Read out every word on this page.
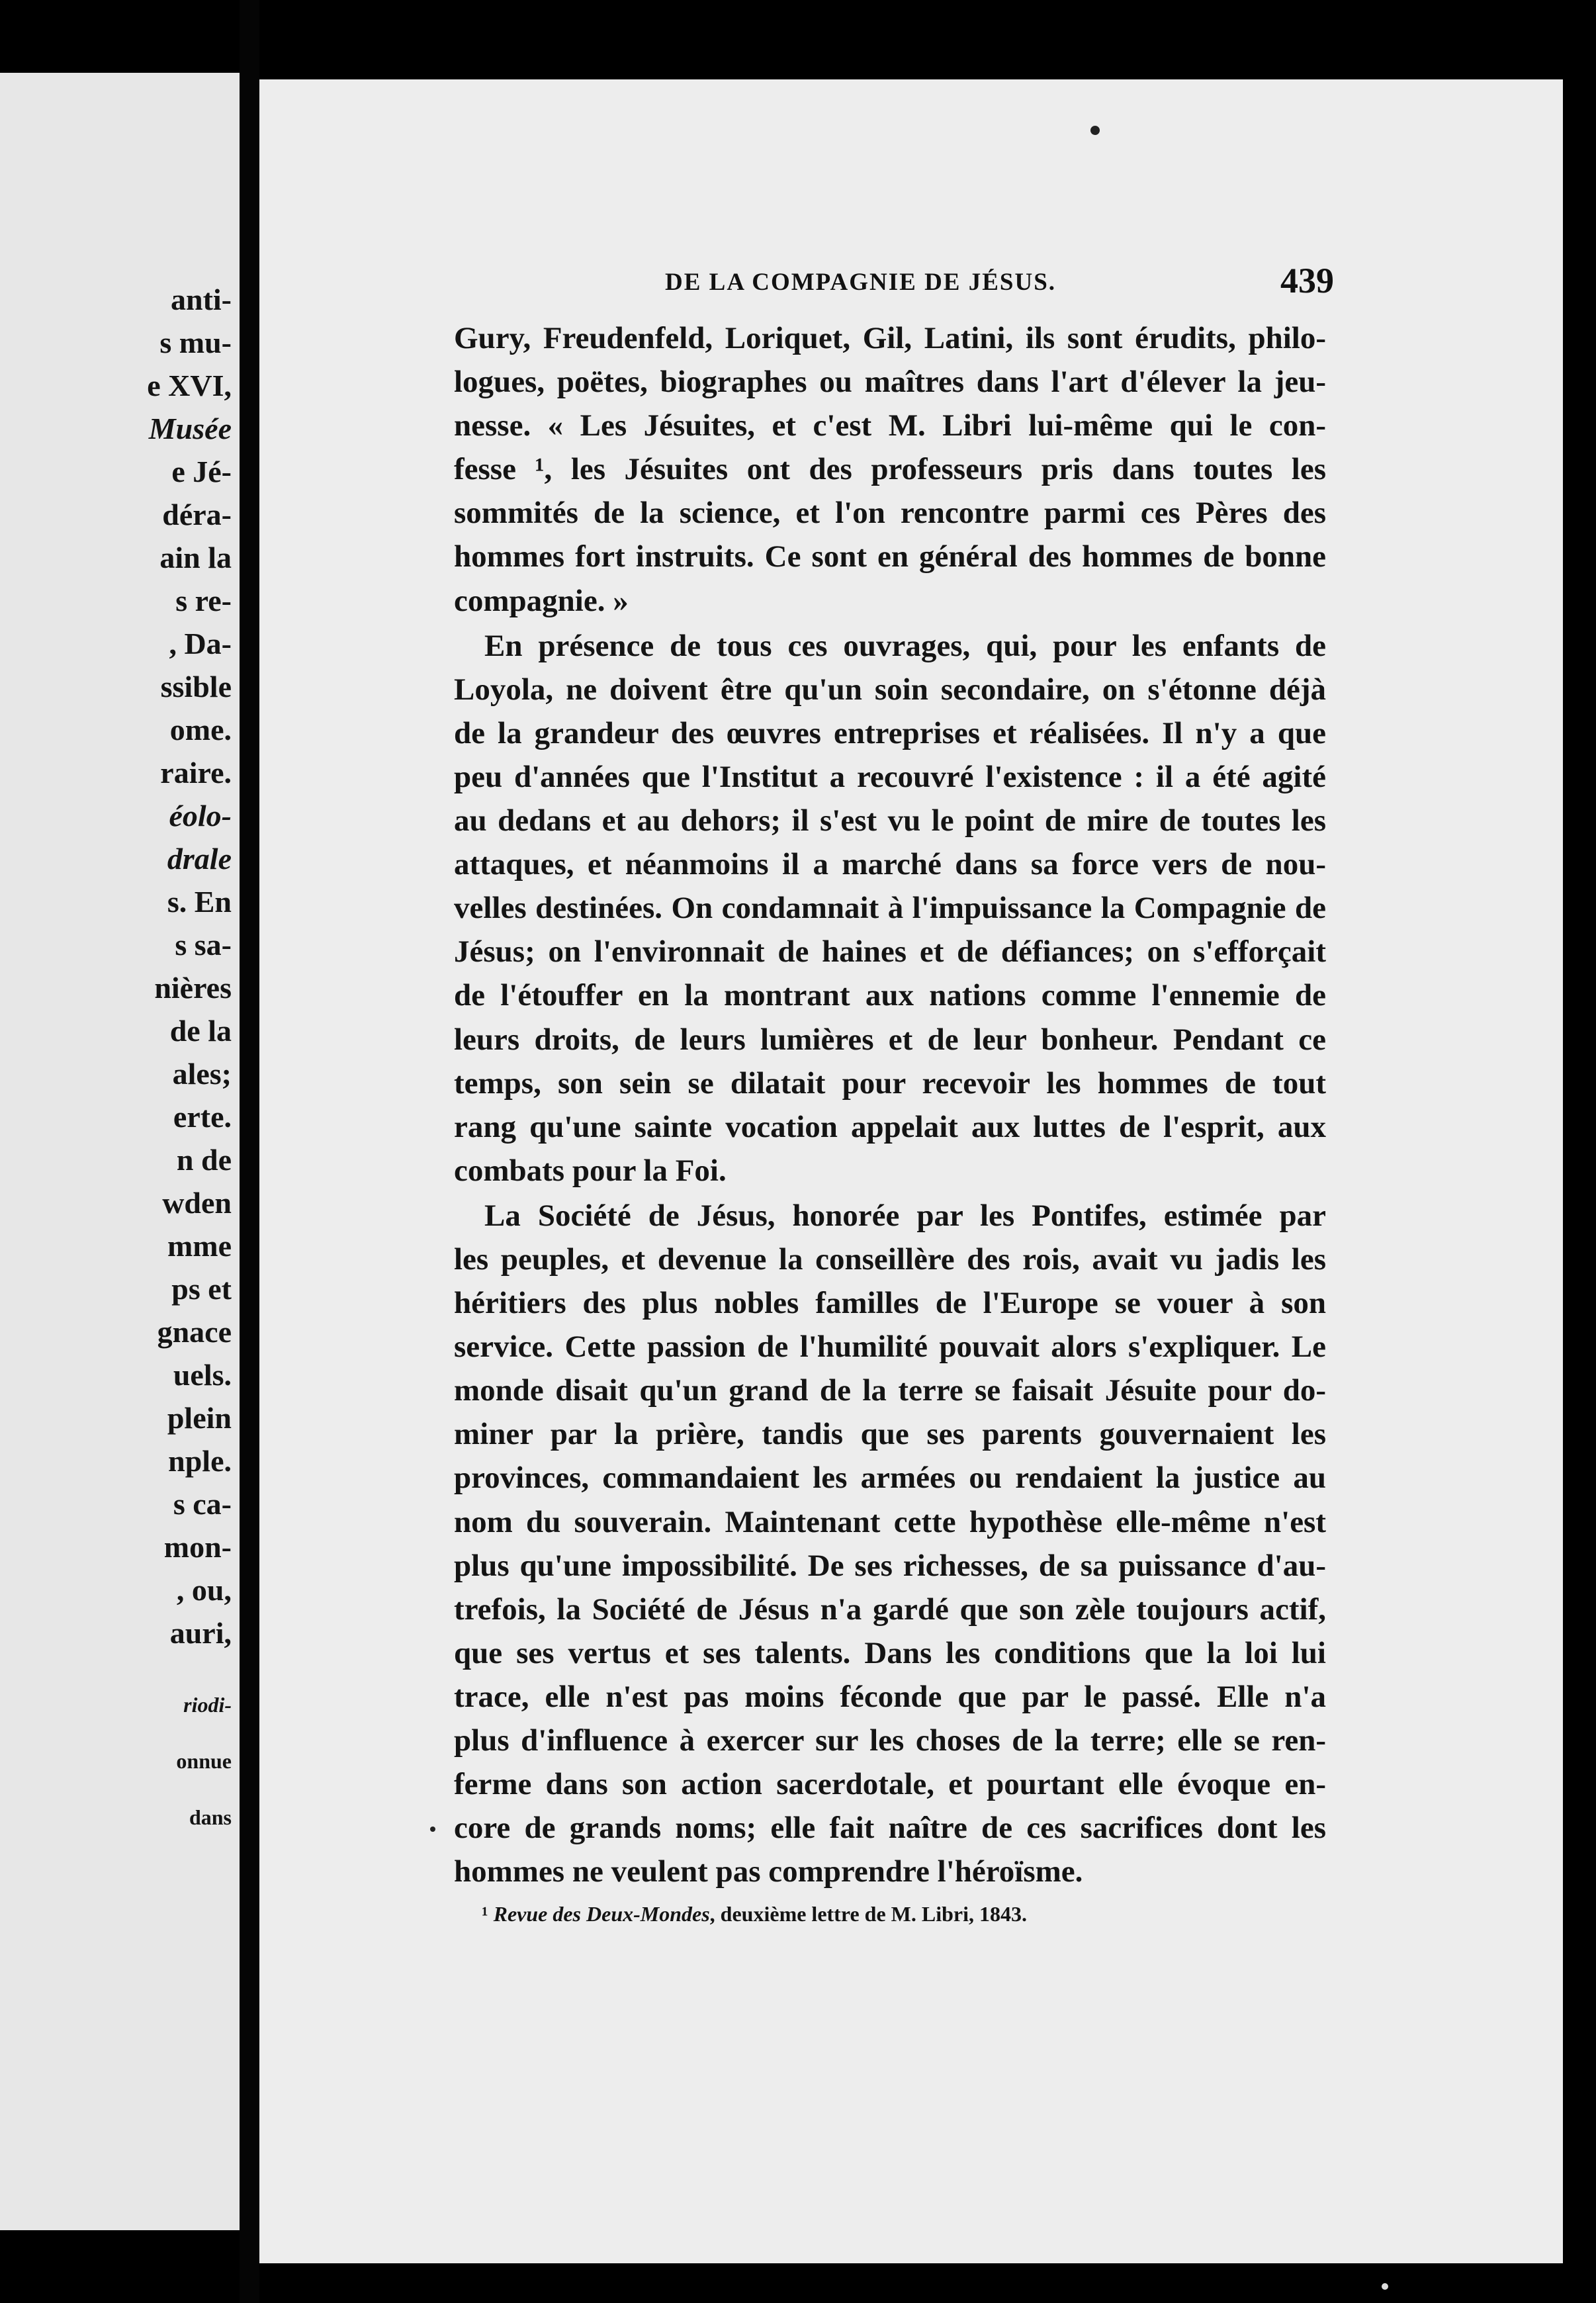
anti-
s mu-
e XVI,
Musée
e Jé-
déra-
ain la
s re-
, Da-
ssible
ome.
raire.
éolo-
drale
s. En
s sa-
nières
de la
ales;
erte.
n de
wden
mme
ps et
gnace
uels.
plein
nple.
s ca-
mon-
, ou,
auri,
riodi-
onnue
dans
DE LA COMPAGNIE DE JÉSUS.	439
Gury, Freudenfeld, Loriquet, Gil, Latini, ils sont érudits, philo-
logues, poëtes, biographes ou maîtres dans l'art d'élever la jeu-
nesse. « Les Jésuites, et c'est M. Libri lui-même qui le con-
fesse ¹, les Jésuites ont des professeurs pris dans toutes les
sommités de la science, et l'on rencontre parmi ces Pères des
hommes fort instruits. Ce sont en général des hommes de bonne
compagnie. »
En présence de tous ces ouvrages, qui, pour les enfants de
Loyola, ne doivent être qu'un soin secondaire, on s'étonne déjà
de la grandeur des œuvres entreprises et réalisées. Il n'y a que
peu d'années que l'Institut a recouvré l'existence : il a été agité
au dedans et au dehors; il s'est vu le point de mire de toutes les
attaques, et néanmoins il a marché dans sa force vers de nou-
velles destinées. On condamnait à l'impuissance la Compagnie de
Jésus; on l'environnait de haines et de défiances; on s'efforçait
de l'étouffer en la montrant aux nations comme l'ennemie de
leurs droits, de leurs lumières et de leur bonheur. Pendant ce
temps, son sein se dilatait pour recevoir les hommes de tout
rang qu'une sainte vocation appelait aux luttes de l'esprit, aux
combats pour la Foi.
La Société de Jésus, honorée par les Pontifes, estimée par
les peuples, et devenue la conseillère des rois, avait vu jadis les
héritiers des plus nobles familles de l'Europe se vouer à son
service. Cette passion de l'humilité pouvait alors s'expliquer. Le
monde disait qu'un grand de la terre se faisait Jésuite pour do-
miner par la prière, tandis que ses parents gouvernaient les
provinces, commandaient les armées ou rendaient la justice au
nom du souverain. Maintenant cette hypothèse elle-même n'est
plus qu'une impossibilité. De ses richesses, de sa puissance d'au-
trefois, la Société de Jésus n'a gardé que son zèle toujours actif,
que ses vertus et ses talents. Dans les conditions que la loi lui
trace, elle n'est pas moins féconde que par le passé. Elle n'a
plus d'influence à exercer sur les choses de la terre; elle se ren-
ferme dans son action sacerdotale, et pourtant elle évoque en-
core de grands noms; elle fait naître de ces sacrifices dont les
hommes ne veulent pas comprendre l'héroïsme.
¹ Revue des Deux-Mondes, deuxième lettre de M. Libri, 1843.
